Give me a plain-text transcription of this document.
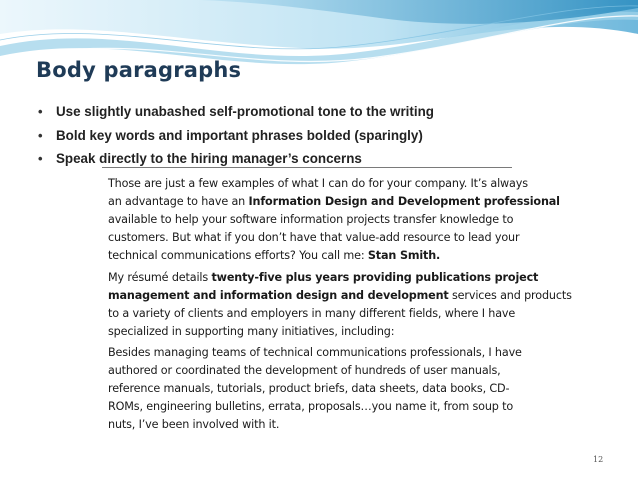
Body paragraphs
• Use slightly unabashed self-promotional tone to the writing
• Bold key words and important phrases bolded (sparingly)
• Speak directly to the hiring manager’s concerns

Those are just a few examples of what I can do for your company. It’s always
an advantage to have an Information Design and Development professional
available to help your software information projects transfer knowledge to
customers. But what if you don’t have that value-add resource to lead your
technical communications efforts? You call me: Stan Smith.

My résumé details twenty-five plus years providing publications project
management and information design and development services and products
to a variety of clients and employers in many different fields, where I have
specialized in supporting many initiatives, including:

Besides managing teams of technical communications professionals, I have
authored or coordinated the development of hundreds of user manuals,
reference manuals, tutorials, product briefs, data sheets, data books, CD-
ROMs, engineering bulletins, errata, proposals…you name it, from soup to
nuts, I’ve been involved with it.

12
